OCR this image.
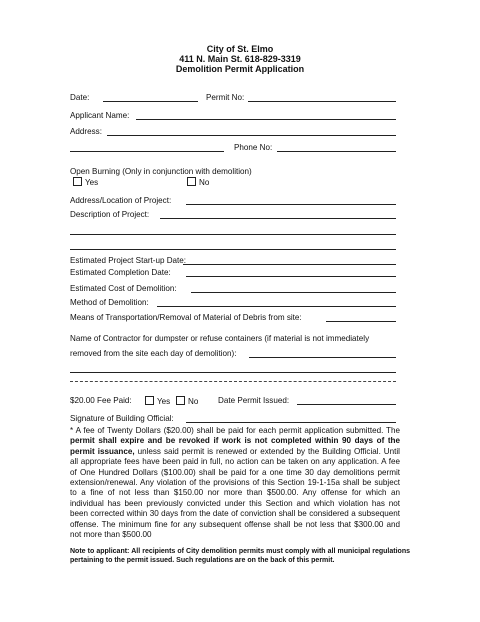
City of St. Elmo
411 N. Main St. 618-829-3319
Demolition Permit Application
Date:	Permit No:
Applicant Name:
Address:
Phone No:
Open Burning (Only in conjunction with demolition)
Yes	No
Address/Location of Project:
Description of Project:
Estimated Project Start-up Date:
Estimated Completion Date:
Estimated Cost of Demolition:
Method of Demolition:
Means of Transportation/Removal of Material of Debris from site:
Name of Contractor for dumpster or refuse containers (if material is not immediately
removed from the site each day of demolition):
$20.00 Fee Paid:	Yes	No Date Permit Issued:
Signature of Building Official:
* A fee of Twenty Dollars ($20.00) shall be paid for each permit application submitted. The permit shall expire and be revoked if work is not completed within 90 days of the permit issuance, unless said permit is renewed or extended by the Building Official. Until all appropriate fees have been paid in full, no action can be taken on any application. A fee of One Hundred Dollars ($100.00) shall be paid for a one time 30 day demolitions permit extension/renewal. Any violation of the provisions of this Section 19-1-15a shall be subject to a fine of not less than $150.00 nor more than $500.00. Any offense for which an individual has been previously convicted under this Section and which violation has not been corrected within 30 days from the date of conviction shall be considered a subsequent offense. The minimum fine for any subsequent offense shall be not less that $300.00 and not more than $500.00
Note to applicant: All recipients of City demolition permits must comply with all municipal regulations pertaining to the permit issued. Such regulations are on the back of this permit.
